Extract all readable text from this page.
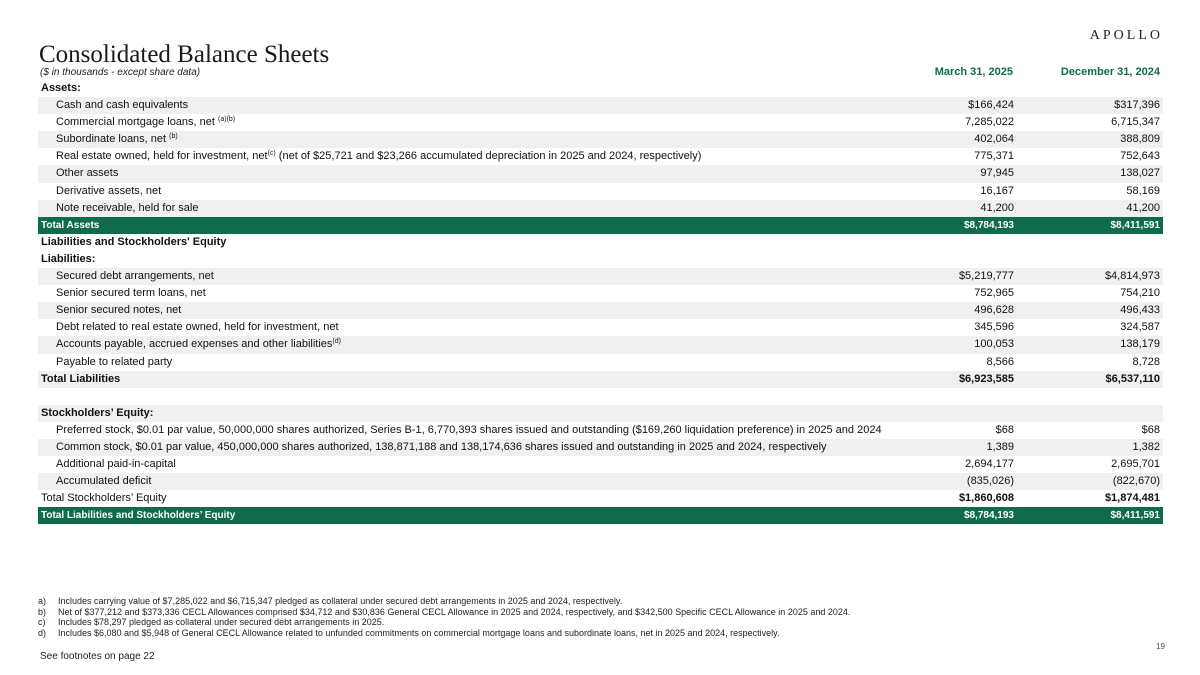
APOLLO
Consolidated Balance Sheets
($ in thousands - except share data)	March 31, 2025	December 31, 2024
Assets:
Cash and cash equivalents	$166,424	$317,396
Commercial mortgage loans, net $^{(a)(b)}$	7,285,022	6,715,347
Subordinate loans, net $^{(b)}$	402,064	388,809
Real estate owned, held for investment, net$^{(c)}$ (net of $25,721 and $23,266 accumulated depreciation in 2025 and 2024, respectively)	775,371	752,643
Other assets	97,945	138,027
Derivative assets, net	16,167	58,169
Note receivable, held for sale	41,200	41,200
Total Assets	$8,784,193	$8,411,591
Liabilities and Stockholders' Equity
Liabilities:
Secured debt arrangements, net	$5,219,777	$4,814,973
Senior secured term loans, net	752,965	754,210
Senior secured notes, net	496,628	496,433
Debt related to real estate owned, held for investment, net	345,596	324,587
Accounts payable, accrued expenses and other liabilities$^{(d)}$	100,053	138,179
Payable to related party	8,566	8,728
Total Liabilities	$6,923,585	$6,537,110
Stockholders’ Equity:
Preferred stock, $0.01 par value, 50,000,000 shares authorized, Series B-1, 6,770,393 shares issued and outstanding ($169,260 liquidation preference) in 2025 and 2024	$68	$68
Common stock, $0.01 par value, 450,000,000 shares authorized, 138,871,188 and 138,174,636 shares issued and outstanding in 2025 and 2024, respectively	1,389	1,382
Additional paid-in-capital	2,694,177	2,695,701
Accumulated deficit	(835,026)	(822,670)
Total Stockholders’ Equity	$1,860,608	$1,874,481
Total Liabilities and Stockholders’ Equity	$8,784,193	$8,411,591
a) Includes carrying value of $7,285,022 and $6,715,347 pledged as collateral under secured debt arrangements in 2025 and 2024, respectively.
b) Net of $377,212 and $373,336 CECL Allowances comprised $34,712 and $30,836 General CECL Allowance in 2025 and 2024, respectively, and $342,500 Specific CECL Allowance in 2025 and 2024.
c) Includes $78,297 pledged as collateral under secured debt arrangements in 2025.
d) Includes $6,080 and $5,948 of General CECL Allowance related to unfunded commitments on commercial mortgage loans and subordinate loans, net in 2025 and 2024, respectively.
See footnotes on page 22
19
